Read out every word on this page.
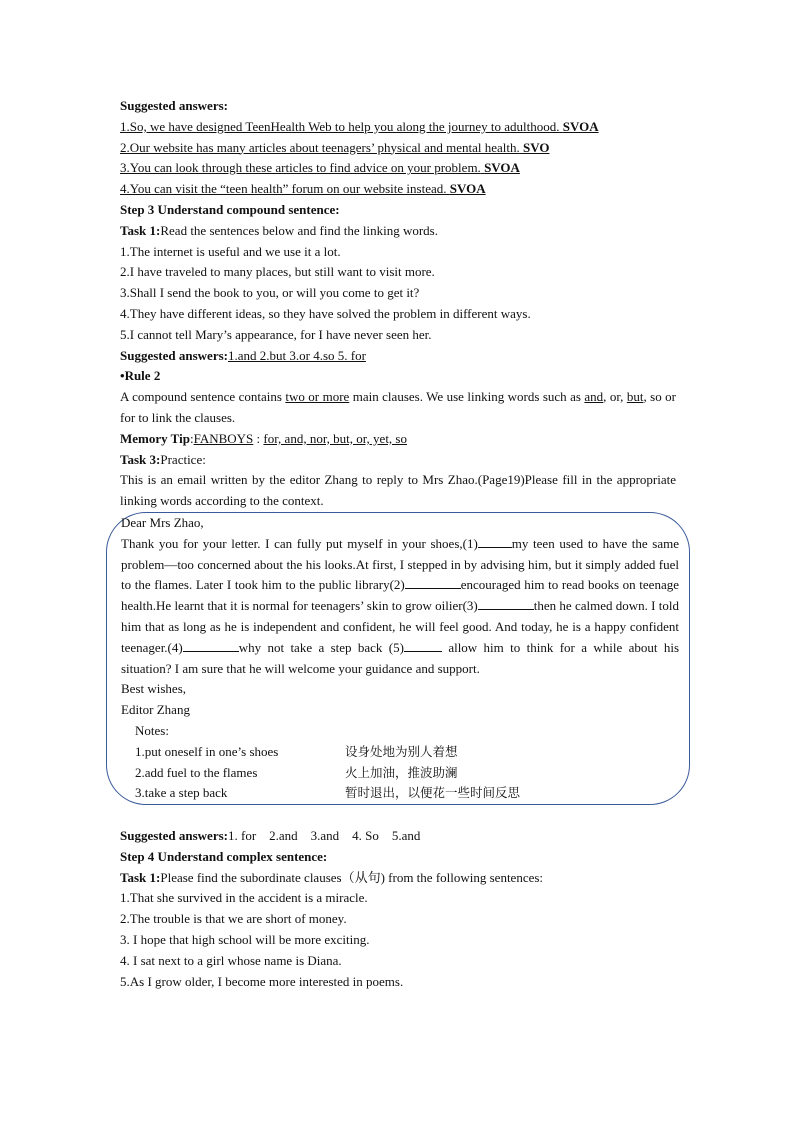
Suggested answers:
1.So, we have designed TeenHealth Web to help you along the journey to adulthood. SVOA
2.Our website has many articles about teenagers’ physical and mental health. SVO
3.You can look through these articles to find advice on your problem. SVOA
4.You can visit the “teen health” forum on our website instead. SVOA
Step 3 Understand compound sentence:
Task 1:Read the sentences below and find the linking words.
1.The internet is useful and we use it a lot.
2.I have traveled to many places, but still want to visit more.
3.Shall I send the book to you, or will you come to get it?
4.They have different ideas, so they have solved the problem in different ways.
5.I cannot tell Mary’s appearance, for I have never seen her.
Suggested answers:1.and 2.but 3.or 4.so 5. for
•Rule 2
A compound sentence contains two or more main clauses. We use linking words such as and, or, but, so or for to link the clauses.
Memory Tip:FANBOYS : for, and, nor, but, or, yet, so
Task 3:Practice:
This is an email written by the editor Zhang to reply to Mrs Zhao.(Page19)Please fill in the appropriate linking words according to the context.
Dear Mrs Zhao,
Thank you for your letter. I can fully put myself in your shoes,(1)	my teen used to have the same problem—too concerned about the his looks.At first, I stepped in by advising him, but it simply added fuel to the flames. Later I took him to the public library(2)	encouraged him to read books on teenage health.He learnt that it is normal for teenagers’ skin to grow oilier(3)	then he calmed down. I told him that as long as he is independent and confident, he will feel good. And today, he is a happy confident teenager.(4)	why not take a step back (5)	allow him to think for a while about his situation? I am sure that he will welcome your guidance and support.
Best wishes,
Editor Zhang
Notes:
1.put oneself in one’s shoes	设身处地为别人着想
2.add fuel to the flames	火上加油，推波助澜
3.take a step back	暂时退出，以便花一些时间反思
Suggested answers:1. for    2.and    3.and    4. So    5.and
Step 4 Understand complex sentence:
Task 1:Please find the subordinate clauses（从句) from the following sentences:
1.That she survived in the accident is a miracle.
2.The trouble is that we are short of money.
3. I hope that high school will be more exciting.
4. I sat next to a girl whose name is Diana.
5.As I grow older, I become more interested in poems.
